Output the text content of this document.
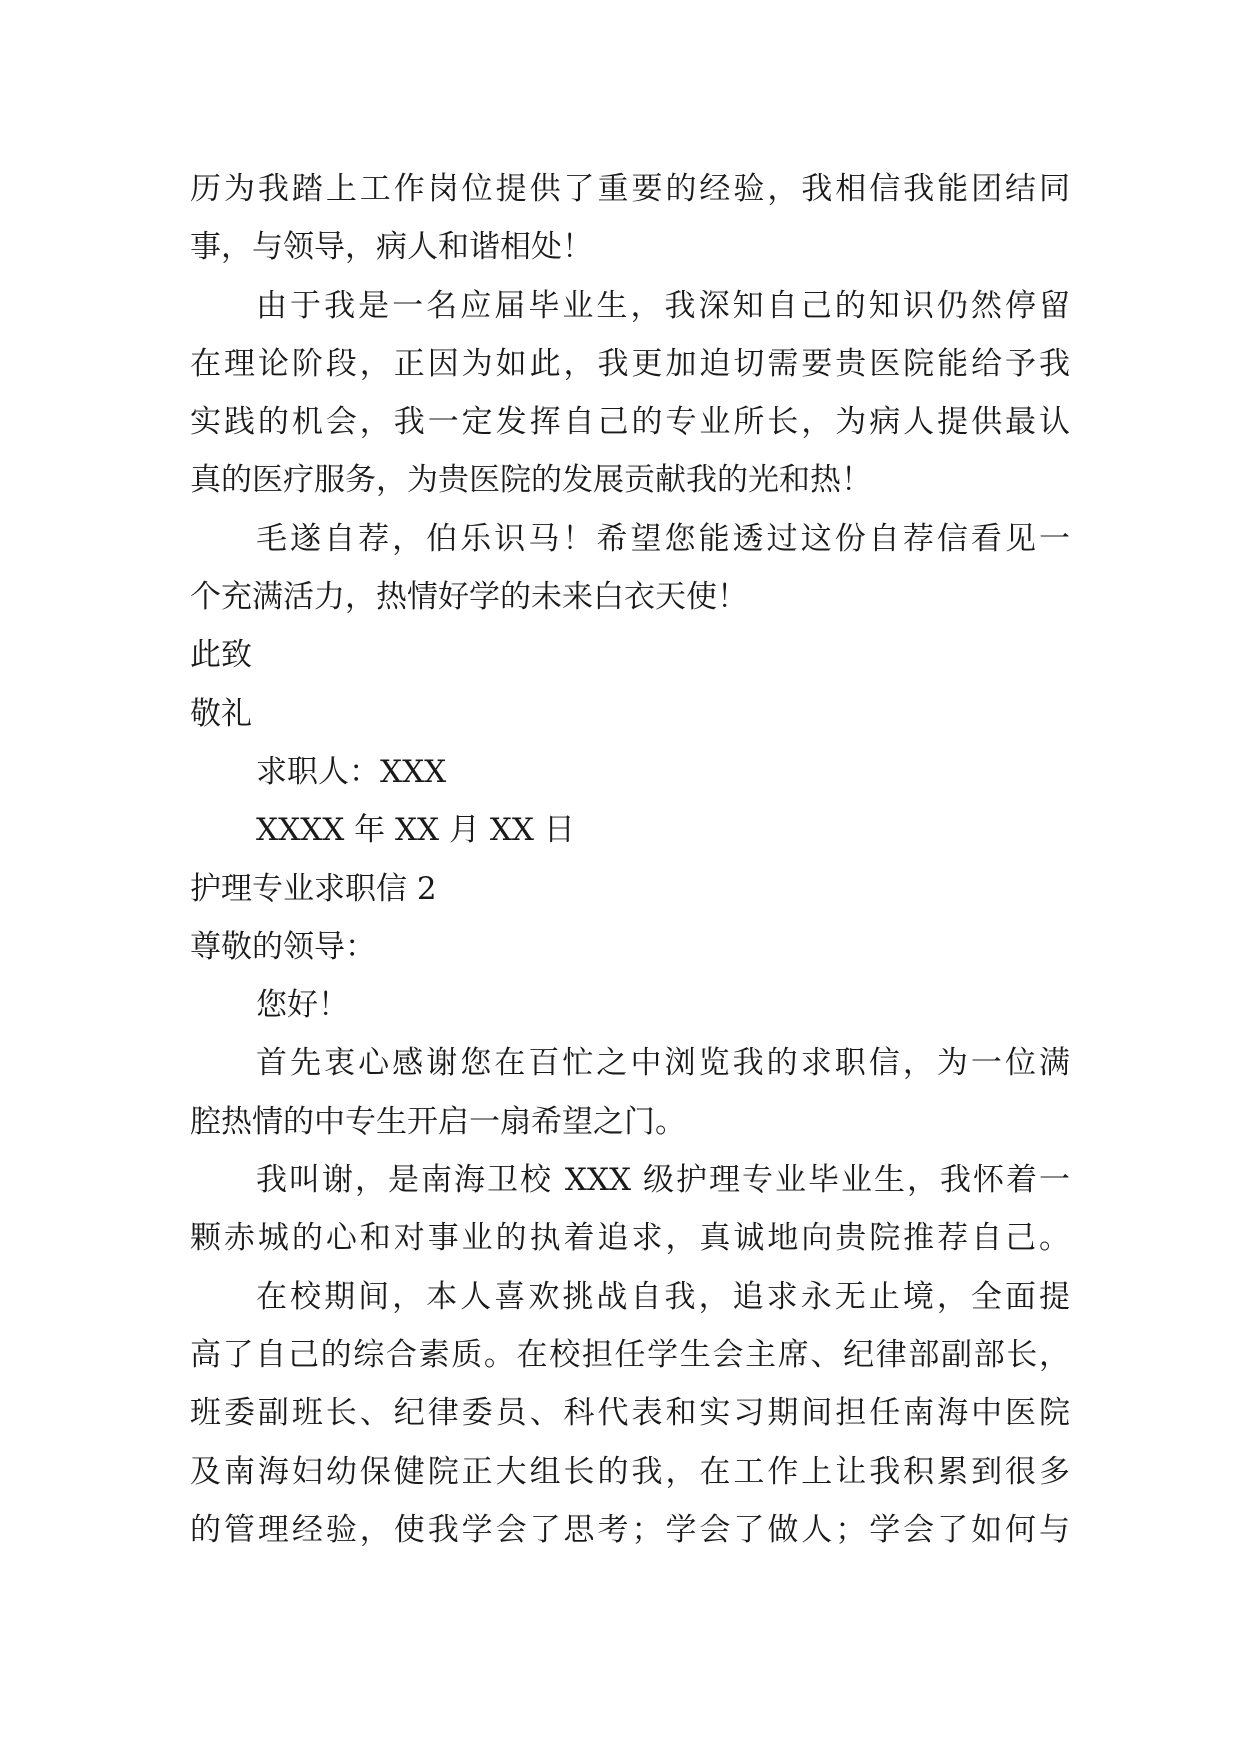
历为我踏上工作岗位提供了重要的经验，我相信我能团结同
事，与领导，病人和谐相处！
由于我是一名应届毕业生，我深知自己的知识仍然停留
在理论阶段，正因为如此，我更加迫切需要贵医院能给予我
实践的机会，我一定发挥自己的专业所长，为病人提供最认
真的医疗服务，为贵医院的发展贡献我的光和热！
毛遂自荐，伯乐识马！希望您能透过这份自荐信看见一
个充满活力，热情好学的未来白衣天使！
此致
敬礼
求职人：XXX
XXXX 年 XX 月 XX 日
护理专业求职信 2
尊敬的领导：
您好！
首先衷心感谢您在百忙之中浏览我的求职信，为一位满
腔热情的中专生开启一扇希望之门。
我叫谢，是南海卫校 XXX 级护理专业毕业生，我怀着一
颗赤城的心和对事业的执着追求，真诚地向贵院推荐自己。
在校期间，本人喜欢挑战自我，追求永无止境，全面提
高了自己的综合素质。在校担任学生会主席、纪律部副部长，
班委副班长、纪律委员、科代表和实习期间担任南海中医院
及南海妇幼保健院正大组长的我，在工作上让我积累到很多
的管理经验，使我学会了思考；学会了做人；学会了如何与
